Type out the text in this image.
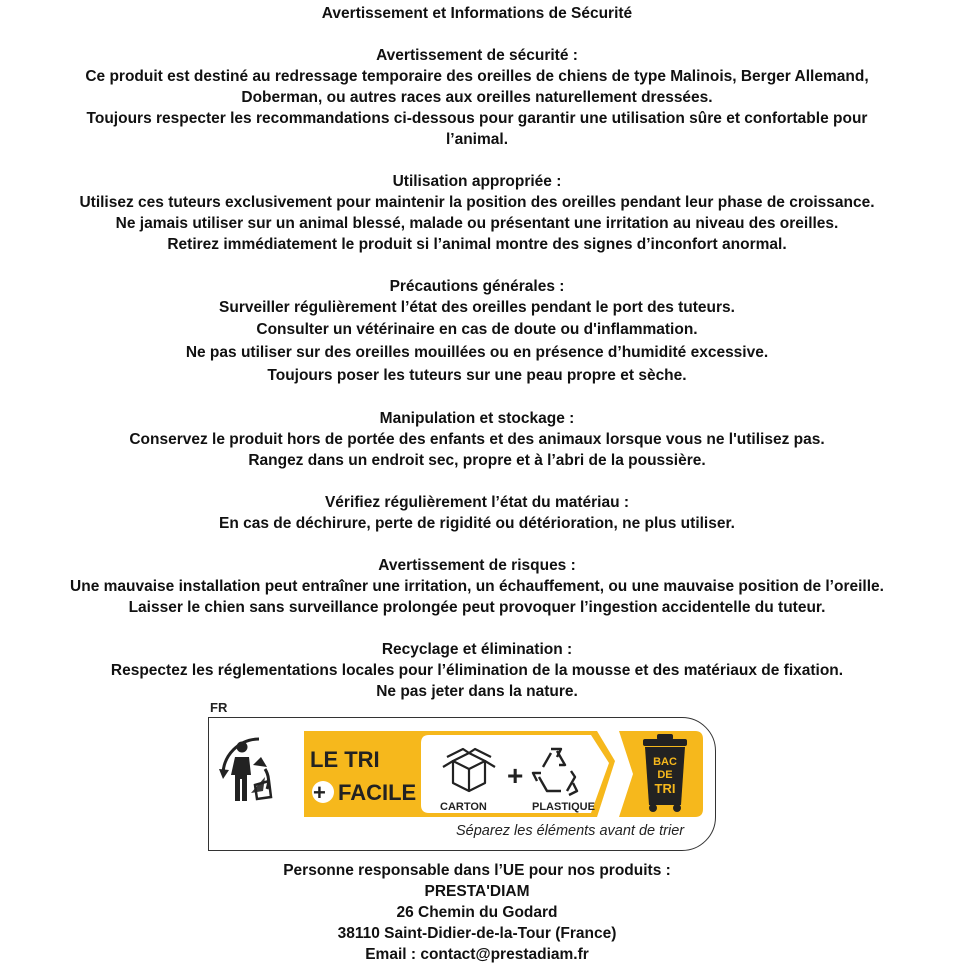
Avertissement et Informations de Sécurité
Avertissement de sécurité :
Ce produit est destiné au redressage temporaire des oreilles de chiens de type Malinois, Berger Allemand,
Doberman, ou autres races aux oreilles naturellement dressées.
Toujours respecter les recommandations ci-dessous pour garantir une utilisation sûre et confortable pour
l’animal.
Utilisation appropriée :
Utilisez ces tuteurs exclusivement pour maintenir la position des oreilles pendant leur phase de croissance.
Ne jamais utiliser sur un animal blessé, malade ou présentant une irritation au niveau des oreilles.
Retirez immédiatement le produit si l’animal montre des signes d’inconfort anormal.
Précautions générales :
Surveiller régulièrement l’état des oreilles pendant le port des tuteurs.
Consulter un vétérinaire en cas de doute ou d'inflammation.
Ne pas utiliser sur des oreilles mouillées ou en présence d’humidité excessive.
Toujours poser les tuteurs sur une peau propre et sèche.
Manipulation et stockage :
Conservez le produit hors de portée des enfants et des animaux lorsque vous ne l'utilisez pas.
Rangez dans un endroit sec, propre et à l’abri de la poussière.
Vérifiez régulièrement l’état du matériau :
En cas de déchirure, perte de rigidité ou détérioration, ne plus utiliser.
Avertissement de risques :
Une mauvaise installation peut entraîner une irritation, un échauffement, ou une mauvaise position de l’oreille.
Laisser le chien sans surveillance prolongée peut provoquer l’ingestion accidentelle du tuteur.
Recyclage et élimination :
Respectez les réglementations locales pour l’élimination de la mousse et des matériaux de fixation.
Ne pas jeter dans la nature.
FR
+
LE TRI
+ FACILE
CARTON	PLASTIQUE
BAC
DE
TRI
Séparez les éléments avant de trier
Personne responsable dans l’UE pour nos produits :
PRESTA'DIAM
26 Chemin du Godard
38110 Saint-Didier-de-la-Tour (France)
Email : contact@prestadiam.fr
